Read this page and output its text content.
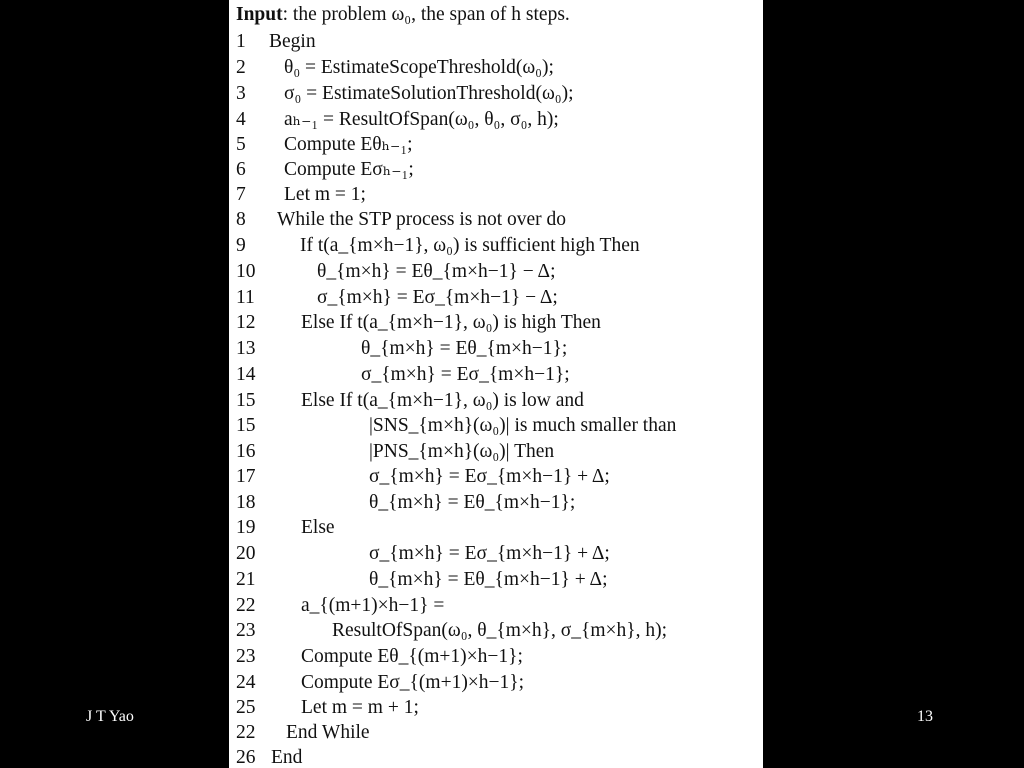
Input: the problem ω₀, the span of h steps.
1 Begin
2 θ₀ = EstimateScopeThreshold(ω₀);
3 σ₀ = EstimateSolutionThreshold(ω₀);
4 aₕ₋₁ = ResultOfSpan(ω₀, θ₀, σ₀, h);
5 Compute Eθₕ₋₁;
6 Compute Eσₕ₋₁;
7 Let m = 1;
8 While the STP process is not over do
9	If t(a_{m×h−1}, ω₀) is sufficient high Then
10	θ_{m×h} = Eθ_{m×h−1} − Δ;
11	σ_{m×h} = Eσ_{m×h−1} − Δ;
12 Else If t(a_{m×h−1}, ω₀) is high Then
13	θ_{m×h} = Eθ_{m×h−1};
14	σ_{m×h} = Eσ_{m×h−1};
15 Else If t(a_{m×h−1}, ω₀) is low and
15	|SNS_{m×h}(ω₀)| is much smaller than
16	|PNS_{m×h}(ω₀)| Then
17	σ_{m×h} = Eσ_{m×h−1} + Δ;
18	θ_{m×h} = Eθ_{m×h−1};
19 Else
20	σ_{m×h} = Eσ_{m×h−1} + Δ;
21	θ_{m×h} = Eθ_{m×h−1} + Δ;
22 a_{(m+1)×h−1} =
23	ResultOfSpan(ω₀, θ_{m×h}, σ_{m×h}, h);
23 Compute Eθ_{(m+1)×h−1};
24 Compute Eσ_{(m+1)×h−1};
25 Let m = m + 1;
22 End While
26 End
J T Yao	13
